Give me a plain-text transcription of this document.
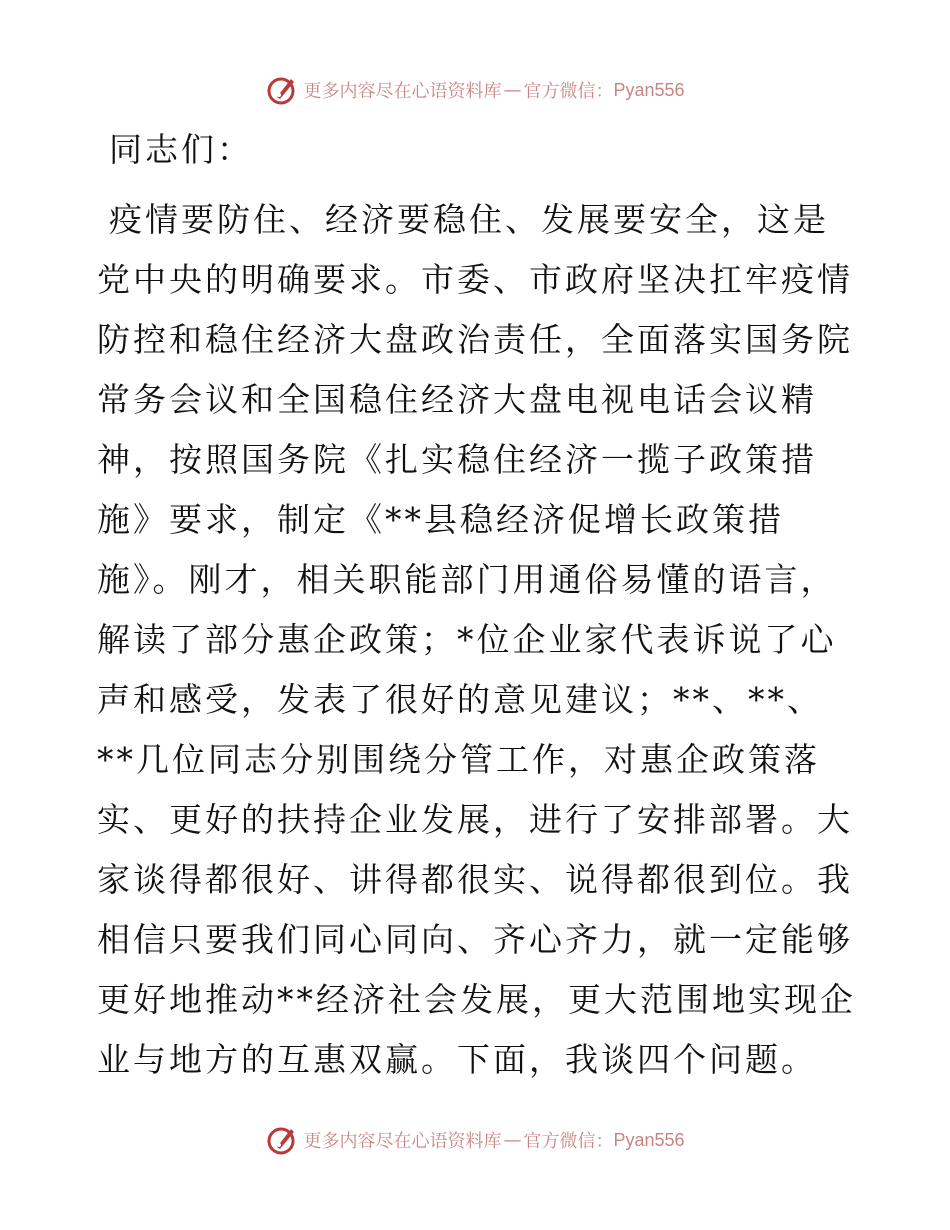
更多内容尽在心语资料库 — 官方微信： Pyan556

同志们：

疫情要防住、经济要稳住、发展要安全，这是党中央的明确要求。市委、市政府坚决扛牢疫情防控和稳住经济大盘政治责任，全面落实国务院常务会议和全国稳住经济大盘电视电话会议精神，按照国务院《扎实稳住经济一揽子政策措施》要求，制定《**县稳经济促增长政策措施》。刚才，相关职能部门用通俗易懂的语言，解读了部分惠企政策；*位企业家代表诉说了心声和感受，发表了很好的意见建议；**、**、**几位同志分别围绕分管工作，对惠企政策落实、更好的扶持企业发展，进行了安排部署。大家谈得都很好、讲得都很实、说得都很到位。我相信只要我们同心同向、齐心齐力，就一定能够更好地推动**经济社会发展，更大范围地实现企业与地方的互惠双赢。下面，我谈四个问题。

更多内容尽在心语资料库 — 官方微信： Pyan556
